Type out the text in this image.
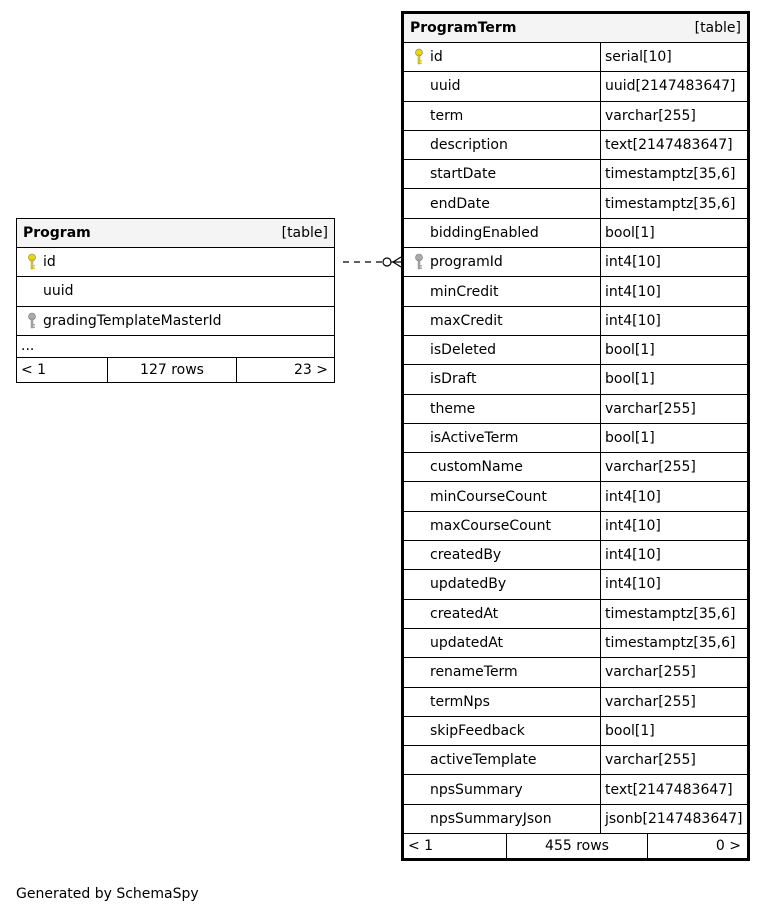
Program	[table]
id
uuid
gradingTemplateMasterId
...
< 1	127 rows	23 >
ProgramTerm	[table]
id	serial[10]
uuid	uuid[2147483647]
term	varchar[255]
description	text[2147483647]
startDate	timestamptz[35,6]
endDate	timestamptz[35,6]
biddingEnabled	bool[1]
programId	int4[10]
minCredit	int4[10]
maxCredit	int4[10]
isDeleted	bool[1]
isDraft	bool[1]
theme	varchar[255]
isActiveTerm	bool[1]
customName	varchar[255]
minCourseCount	int4[10]
maxCourseCount	int4[10]
createdBy	int4[10]
updatedBy	int4[10]
createdAt	timestamptz[35,6]
updatedAt	timestamptz[35,6]
renameTerm	varchar[255]
termNps	varchar[255]
skipFeedback	bool[1]
activeTemplate	varchar[255]
npsSummary	text[2147483647]
npsSummaryJson	jsonb[2147483647]
< 1	455 rows	0 >
Generated by SchemaSpy
